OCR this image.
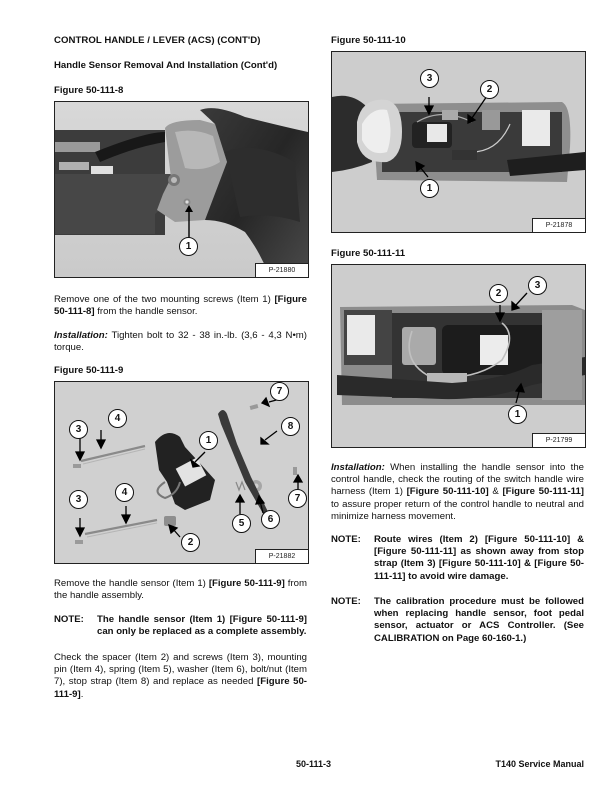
CONTROL HANDLE / LEVER (ACS) (CONT'D)
Handle Sensor Removal And Installation (Cont'd)
Figure 50-111-8
1
P-21880

Remove one of the two mounting screws (Item 1) [Figure 50-111-8] from the handle sensor.

Installation: Tighten bolt to 32 - 38 in.-lb. (3,6 - 4,3 N•m) torque.

Figure 50-111-9
7
4
3	8
1
3
4
7
6
5
2
P-21882

Remove the handle sensor (Item 1) [Figure 50-111-9] from the handle assembly.

NOTE:	The handle sensor (Item 1) [Figure 50-111-9] can only be replaced as a complete assembly.

Check the spacer (Item 2) and screws (Item 3), mounting pin (Item 4), spring (Item 5), washer (Item 6), bolt/nut (Item 7), stop strap (Item 8) and replace as needed [Figure 50-111-9].

Figure 50-111-10
3
2
1
P-21878
Figure 50-111-11
3
2
1
P-21799

Installation: When installing the handle sensor into the control handle, check the routing of the switch handle wire harness (Item 1) [Figure 50-111-10] & [Figure 50-111-11] to assure proper return of the control handle to neutral and minimize harness movement.

NOTE:	Route wires (Item 2) [Figure 50-111-10] & [Figure 50-111-11] as shown away from stop strap (Item 3) [Figure 50-111-10] & [Figure 50-111-11] to avoid wire damage.
NOTE:	The calibration procedure must be followed when replacing handle sensor, foot pedal sensor, actuator or ACS Controller. (See CALIBRATION on Page 60-160-1.)
50-111-3	T140 Service Manual
